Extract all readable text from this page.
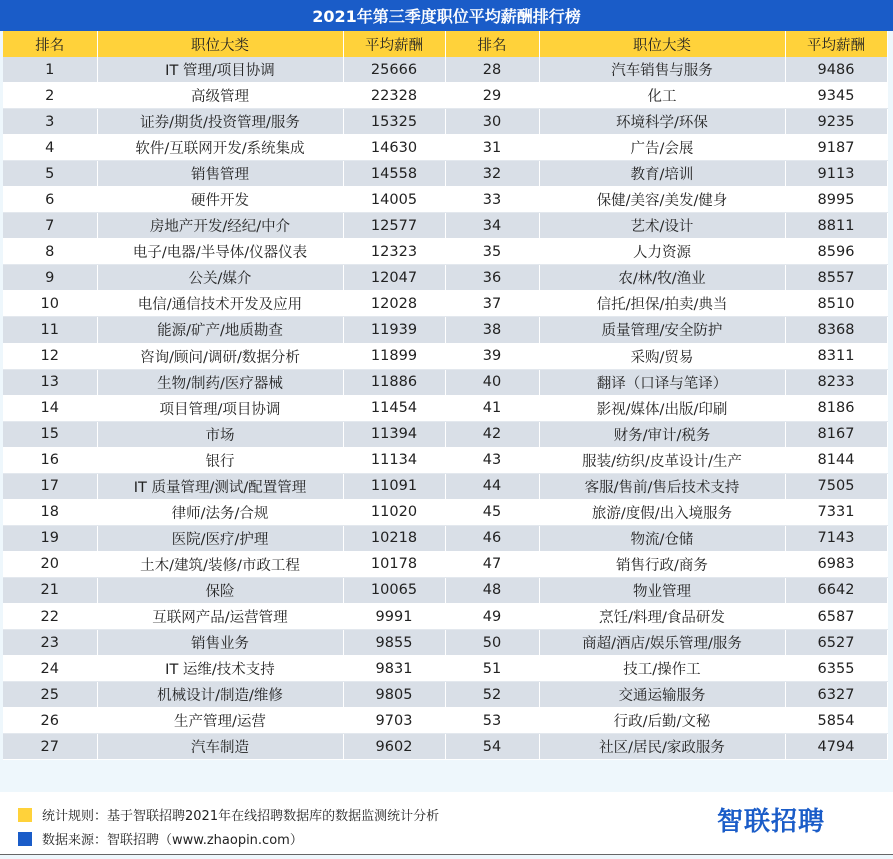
2021年第三季度职位平均薪酬排行榜
排名	职位大类	平均薪酬	排名	职位大类	平均薪酬
1	IT 管理/项目协调	25666	28	汽车销售与服务	9486
2	高级管理	22328	29	化工	9345
3	证券/期货/投资管理/服务	15325	30	环境科学/环保	9235
4	软件/互联网开发/系统集成	14630	31	广告/会展	9187
5	销售管理	14558	32	教育/培训	9113
6	硬件开发	14005	33	保健/美容/美发/健身	8995
7	房地产开发/经纪/中介	12577	34	艺术/设计	8811
8	电子/电器/半导体/仪器仪表	12323	35	人力资源	8596
9	公关/媒介	12047	36	农/林/牧/渔业	8557
10	电信/通信技术开发及应用	12028	37	信托/担保/拍卖/典当	8510
11	能源/矿产/地质勘查	11939	38	质量管理/安全防护	8368
12	咨询/顾问/调研/数据分析	11899	39	采购/贸易	8311
13	生物/制药/医疗器械	11886	40	翻译（口译与笔译）	8233
14	项目管理/项目协调	11454	41	影视/媒体/出版/印刷	8186
15	市场	11394	42	财务/审计/税务	8167
16	银行	11134	43	服装/纺织/皮革设计/生产	8144
17	IT 质量管理/测试/配置管理	11091	44	客服/售前/售后技术支持	7505
18	律师/法务/合规	11020	45	旅游/度假/出入境服务	7331
19	医院/医疗/护理	10218	46	物流/仓储	7143
20	土木/建筑/装修/市政工程	10178	47	销售行政/商务	6983
21	保险	10065	48	物业管理	6642
22	互联网产品/运营管理	9991	49	烹饪/料理/食品研发	6587
23	销售业务	9855	50	商超/酒店/娱乐管理/服务	6527
24	IT 运维/技术支持	9831	51	技工/操作工	6355
25	机械设计/制造/维修	9805	52	交通运输服务	6327
26	生产管理/运营	9703	53	行政/后勤/文秘	5854
27	汽车制造	9602	54	社区/居民/家政服务	4794
统计规则：基于智联招聘2021年在线招聘数据库的数据监测统计分析
数据来源：智联招聘（www.zhaopin.com）
智联招聘
